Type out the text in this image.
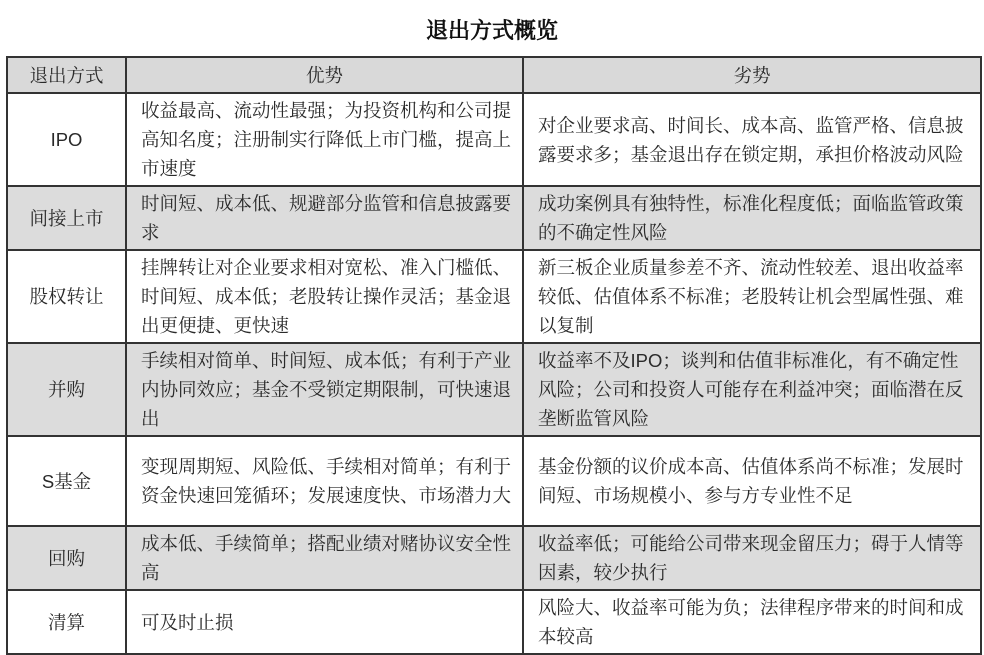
退出方式概览
退出方式	优势	劣势
IPO	收益最高、流动性最强；为投资机构和公司提高知名度；注册制实行降低上市门槛，提高上市速度	对企业要求高、时间长、成本高、监管严格、信息披露要求多；基金退出存在锁定期，承担价格波动风险
间接上市	时间短、成本低、规避部分监管和信息披露要求	成功案例具有独特性，标准化程度低；面临监管政策的不确定性风险
股权转让	挂牌转让对企业要求相对宽松、准入门槛低、时间短、成本低；老股转让操作灵活；基金退出更便捷、更快速	新三板企业质量参差不齐、流动性较差、退出收益率较低、估值体系不标准；老股转让机会型属性强、难以复制
并购	手续相对简单、时间短、成本低；有利于产业内协同效应；基金不受锁定期限制，可快速退出	收益率不及IPO；谈判和估值非标准化，有不确定性风险；公司和投资人可能存在利益冲突；面临潜在反垄断监管风险
S基金	变现周期短、风险低、手续相对简单；有利于资金快速回笼循环；发展速度快、市场潜力大	基金份额的议价成本高、估值体系尚不标准；发展时间短、市场规模小、参与方专业性不足
回购	成本低、手续简单；搭配业绩对赌协议安全性高	收益率低；可能给公司带来现金留压力；碍于人情等因素，较少执行
清算	可及时止损	风险大、收益率可能为负；法律程序带来的时间和成本较高
